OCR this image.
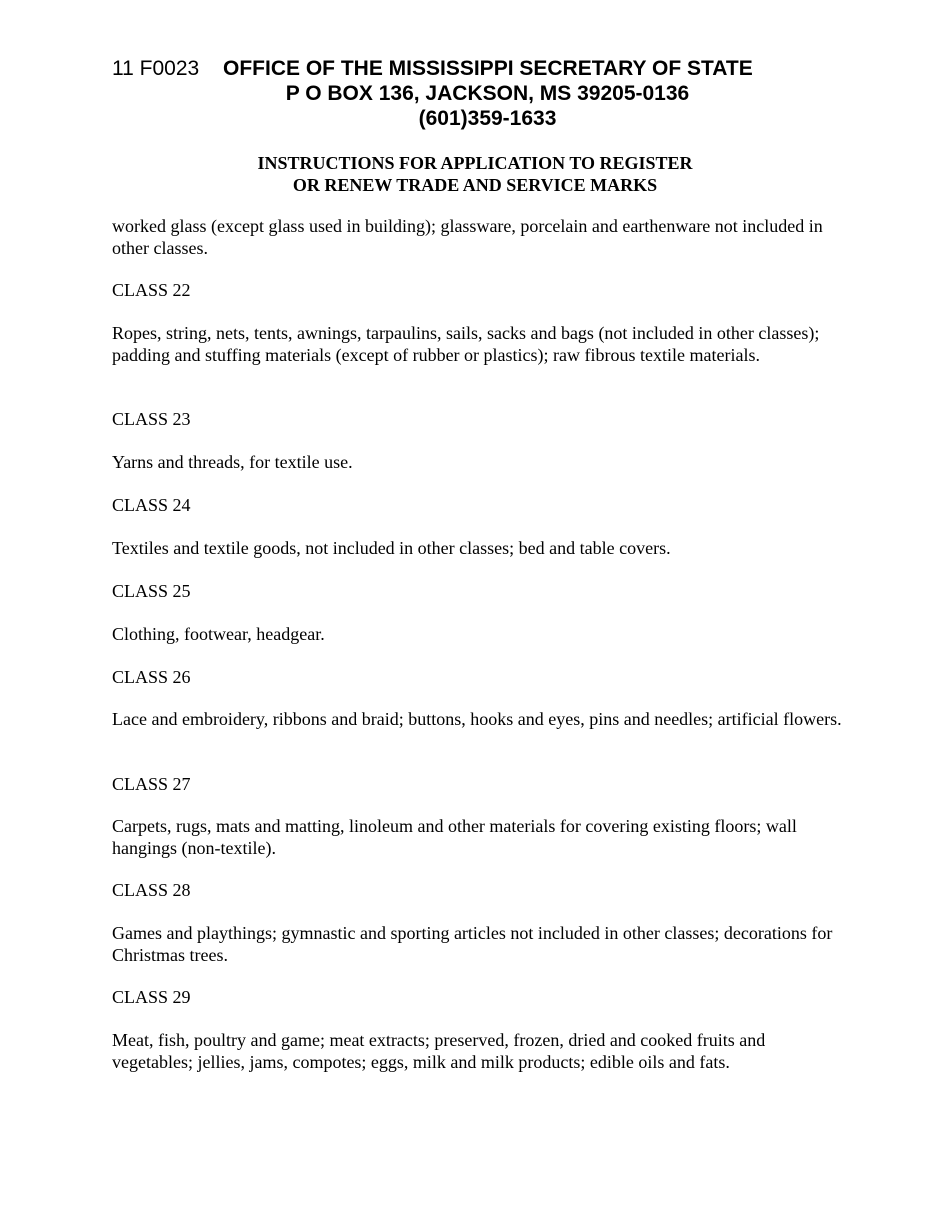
11 F0023 OFFICE OF THE MISSISSIPPI SECRETARY OF STATE
P O BOX 136, JACKSON, MS 39205-0136
(601)359-1633
INSTRUCTIONS FOR APPLICATION TO REGISTER
OR RENEW TRADE AND SERVICE MARKS

worked glass (except glass used in building); glassware, porcelain and earthenware not included in other classes.

CLASS 22

Ropes, string, nets, tents, awnings, tarpaulins, sails, sacks and bags (not included in other classes); padding and stuffing materials (except of rubber or plastics); raw fibrous textile materials.

CLASS 23

Yarns and threads, for textile use.

CLASS 24

Textiles and textile goods, not included in other classes; bed and table covers.

CLASS 25

Clothing, footwear, headgear.

CLASS 26

Lace and embroidery, ribbons and braid; buttons, hooks and eyes, pins and needles; artificial flowers.

CLASS 27

Carpets, rugs, mats and matting, linoleum and other materials for covering existing floors; wall hangings (non-textile).

CLASS 28

Games and playthings; gymnastic and sporting articles not included in other classes; decorations for Christmas trees.

CLASS 29

Meat, fish, poultry and game; meat extracts; preserved, frozen, dried and cooked fruits and vegetables; jellies, jams, compotes; eggs, milk and milk products; edible oils and fats.
